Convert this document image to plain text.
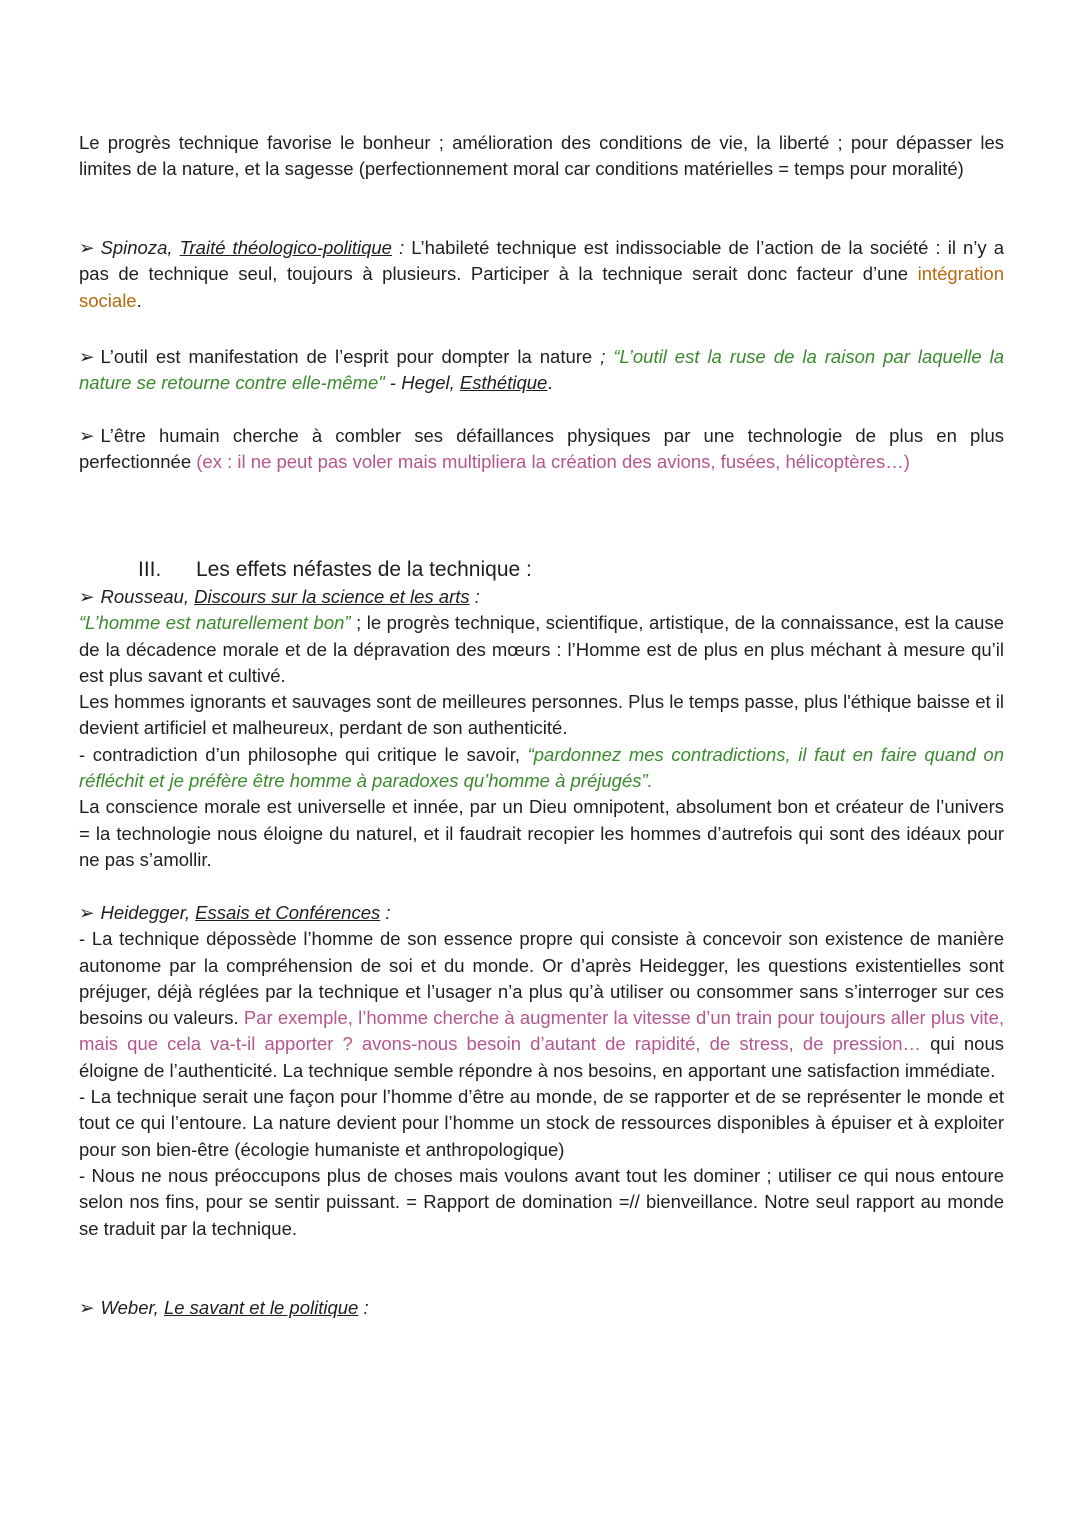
Le progrès technique favorise le bonheur ; amélioration des conditions de vie, la liberté ; pour dépasser les limites de la nature, et la sagesse (perfectionnement moral car conditions matérielles = temps pour moralité)

➢ Spinoza, Traité théologico-politique : L’habileté technique est indissociable de l’action de la société : il n’y a pas de technique seul, toujours à plusieurs. Participer à la technique serait donc facteur d’une intégration sociale.

➢ L’outil est manifestation de l’esprit pour dompter la nature ; “L’outil est la ruse de la raison par laquelle la nature se retourne contre elle-même" - Hegel, Esthétique.

➢ L’être humain cherche à combler ses défaillances physiques par une technologie de plus en plus perfectionnée (ex : il ne peut pas voler mais multipliera la création des avions, fusées, hélicoptères…)

III. Les effets néfastes de la technique :
➢ Rousseau, Discours sur la science et les arts :
“L’homme est naturellement bon” ; le progrès technique, scientifique, artistique, de la connaissance, est la cause de la décadence morale et de la dépravation des mœurs : l’Homme est de plus en plus méchant à mesure qu’il est plus savant et cultivé.
Les hommes ignorants et sauvages sont de meilleures personnes. Plus le temps passe, plus l'éthique baisse et il devient artificiel et malheureux, perdant de son authenticité.
- contradiction d’un philosophe qui critique le savoir, “pardonnez mes contradictions, il faut en faire quand on réfléchit et je préfère être homme à paradoxes qu’homme à préjugés”.
La conscience morale est universelle et innée, par un Dieu omnipotent, absolument bon et créateur de l’univers = la technologie nous éloigne du naturel, et il faudrait recopier les hommes d’autrefois qui sont des idéaux pour ne pas s’amollir.
➢ Heidegger, Essais et Conférences :
- La technique dépossède l’homme de son essence propre qui consiste à concevoir son existence de manière autonome par la compréhension de soi et du monde. Or d’après Heidegger, les questions existentielles sont préjuger, déjà réglées par la technique et l’usager n’a plus qu’à utiliser ou consommer sans s’interroger sur ces besoins ou valeurs. Par exemple, l’homme cherche à augmenter la vitesse d’un train pour toujours aller plus vite, mais que cela va-t-il apporter ? avons-nous besoin d’autant de rapidité, de stress, de pression… qui nous éloigne de l’authenticité. La technique semble répondre à nos besoins, en apportant une satisfaction immédiate.
- La technique serait une façon pour l’homme d’être au monde, de se rapporter et de se représenter le monde et tout ce qui l’entoure. La nature devient pour l’homme un stock de ressources disponibles à épuiser et à exploiter pour son bien-être (écologie humaniste et anthropologique)
- Nous ne nous préoccupons plus de choses mais voulons avant tout les dominer ; utiliser ce qui nous entoure selon nos fins, pour se sentir puissant. = Rapport de domination =// bienveillance. Notre seul rapport au monde se traduit par la technique.

➢ Weber, Le savant et le politique :
